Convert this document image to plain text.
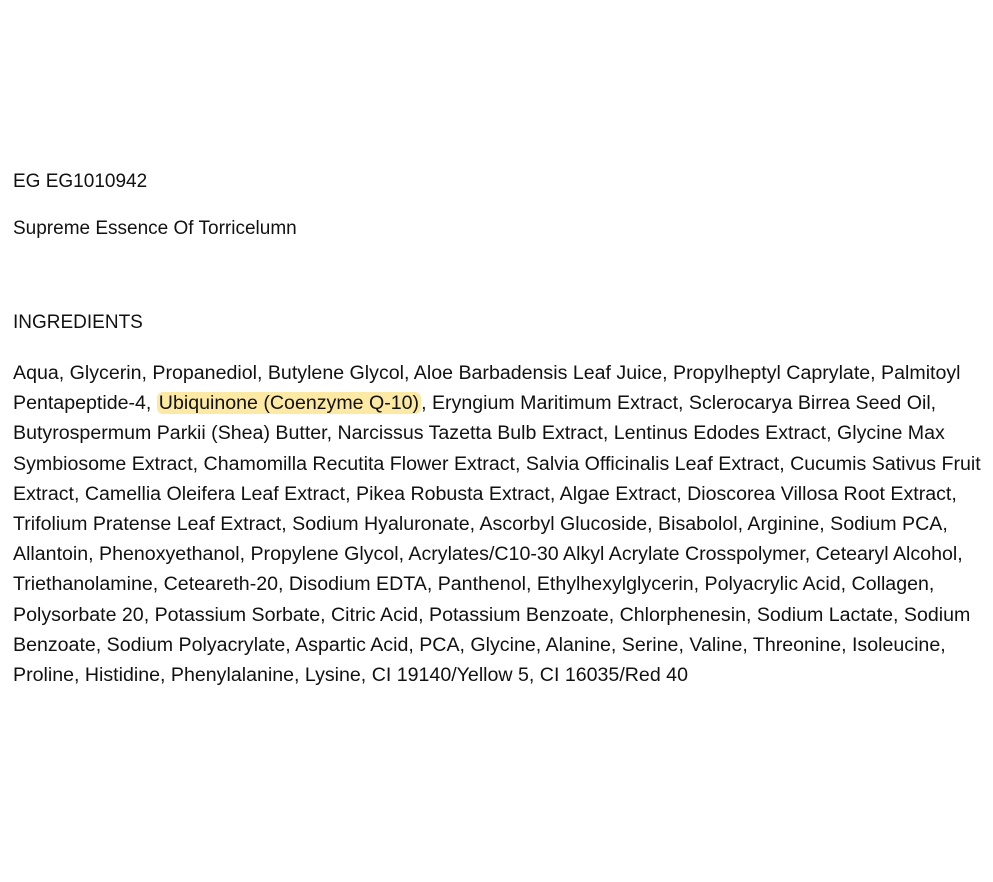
EG EG1010942

Supreme Essence Of Torricelumn

INGREDIENTS

Aqua, Glycerin, Propanediol, Butylene Glycol, Aloe Barbadensis Leaf Juice, Propylheptyl Caprylate, Palmitoyl Pentapeptide-4, Ubiquinone (Coenzyme Q-10) , Eryngium Maritimum Extract, Sclerocarya Birrea Seed Oil, Butyrospermum Parkii (Shea) Butter, Narcissus Tazetta Bulb Extract, Lentinus Edodes Extract, Glycine Max Symbiosome Extract, Chamomilla Recutita Flower Extract, Salvia Officinalis Leaf Extract, Cucumis Sativus Fruit Extract, Camellia Oleifera Leaf Extract, Pikea Robusta Extract, Algae Extract, Dioscorea Villosa Root Extract, Trifolium Pratense Leaf Extract, Sodium Hyaluronate, Ascorbyl Glucoside, Bisabolol, Arginine, Sodium PCA, Allantoin, Phenoxyethanol, Propylene Glycol, Acrylates/C10-30 Alkyl Acrylate Crosspolymer, Cetearyl Alcohol, Triethanolamine, Ceteareth-20, Disodium EDTA, Panthenol, Ethylhexylglycerin, Polyacrylic Acid, Collagen, Polysorbate 20, Potassium Sorbate, Citric Acid, Potassium Benzoate, Chlorphenesin, Sodium Lactate, Sodium Benzoate, Sodium Polyacrylate, Aspartic Acid, PCA, Glycine, Alanine, Serine, Valine, Threonine, Isoleucine, Proline, Histidine, Phenylalanine, Lysine, CI 19140/Yellow 5, CI 16035/Red 40
